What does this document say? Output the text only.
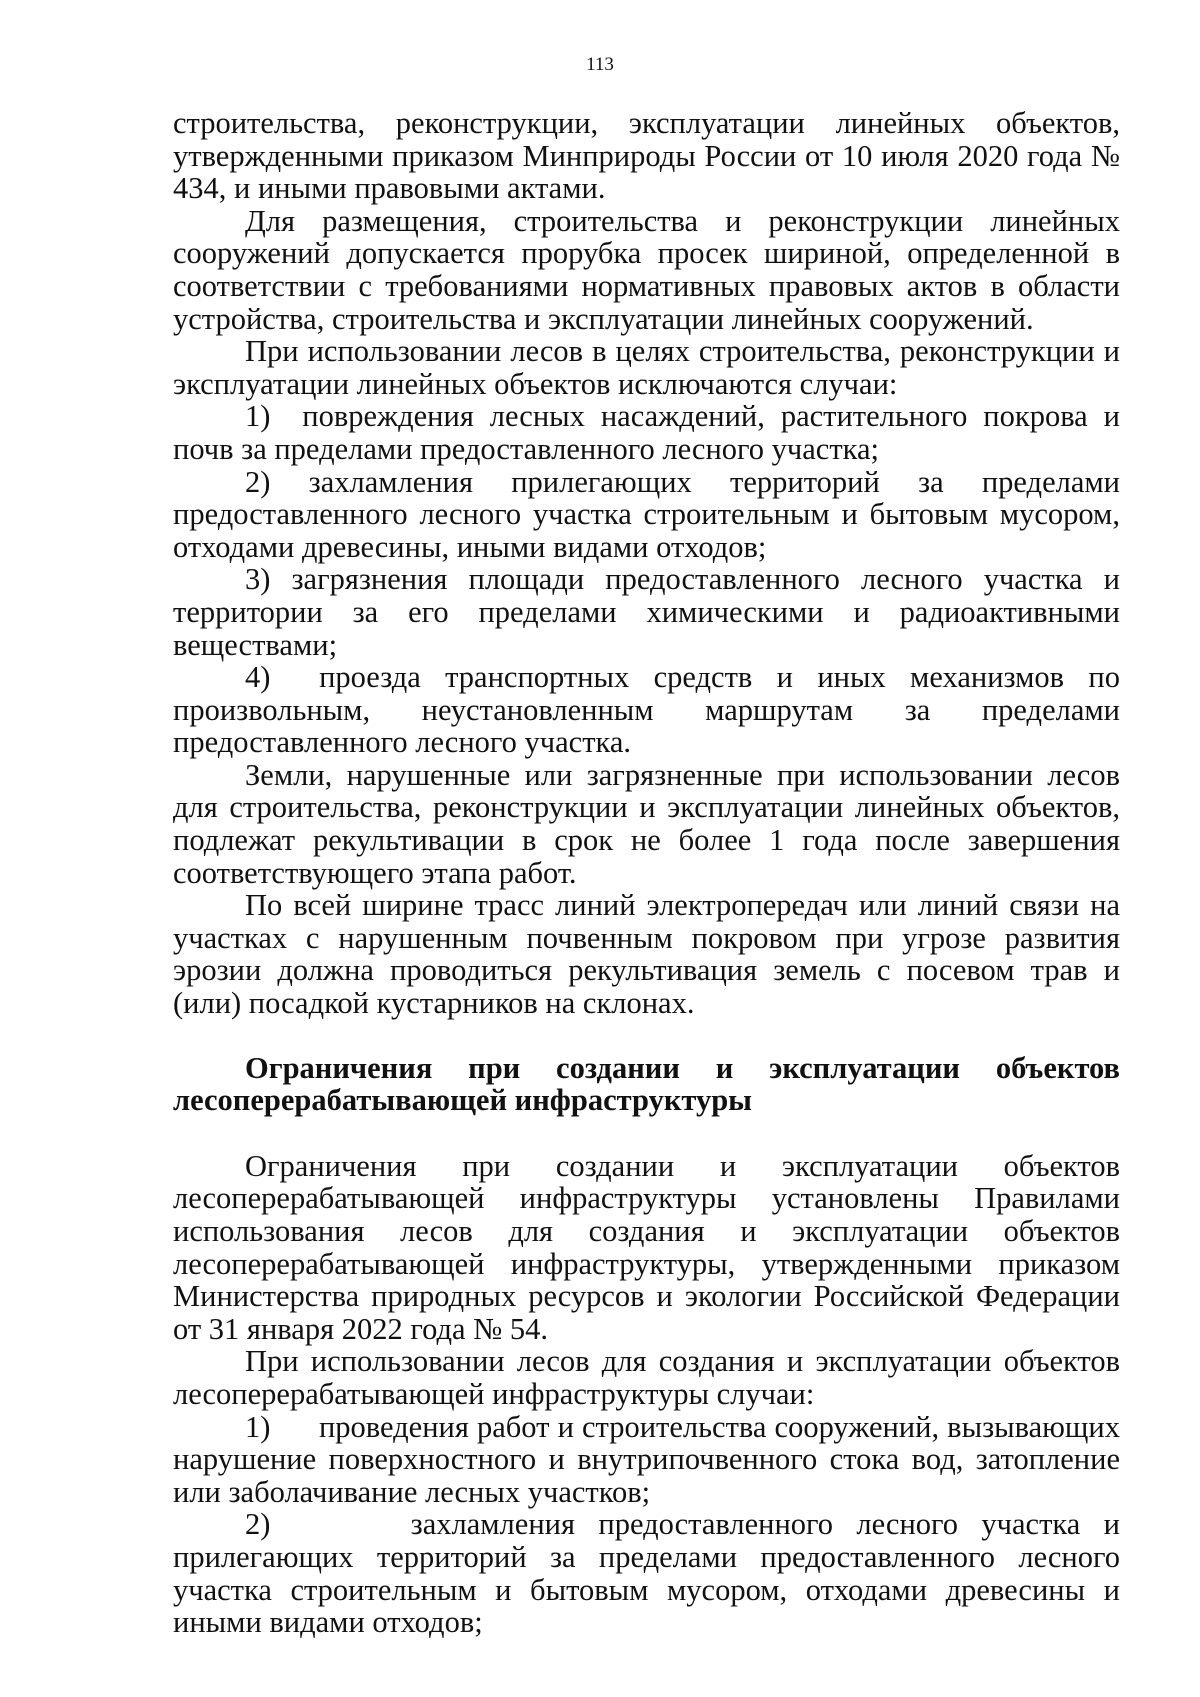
113

строительства, реконструкции, эксплуатации линейных объектов, утвержденными приказом Минприроды России от 10 июля 2020 года № 434, и иными правовыми актами.

Для размещения, строительства и реконструкции линейных сооружений допускается прорубка просек шириной, определенной в соответствии с требованиями нормативных правовых актов в области устройства, строительства и эксплуатации линейных сооружений.

При использовании лесов в целях строительства, реконструкции и эксплуатации линейных объектов исключаются случаи:

1)  повреждения лесных насаждений, растительного покрова и почв за пределами предоставленного лесного участка;

2) захламления прилегающих территорий за пределами предоставленного лесного участка строительным и бытовым мусором, отходами древесины, иными видами отходов;

3) загрязнения площади предоставленного лесного участка и территории за его пределами химическими и радиоактивными веществами;

4)  проезда транспортных средств и иных механизмов по произвольным, неустановленным маршрутам за пределами предоставленного лесного участка.

Земли, нарушенные или загрязненные при использовании лесов для строительства, реконструкции и эксплуатации линейных объектов, подлежат рекультивации в срок не более 1 года после завершения соответствующего этапа работ.

По всей ширине трасс линий электропередач или линий связи на участках с нарушенным почвенным покровом при угрозе развития эрозии должна проводиться рекультивация земель с посевом трав и (или) посадкой кустарников на склонах.

Ограничения при создании и эксплуатации объектов лесоперерабатывающей инфраструктуры

Ограничения при создании и эксплуатации объектов лесоперерабатывающей инфраструктуры установлены Правилами использования лесов для создания и эксплуатации объектов лесоперерабатывающей инфраструктуры, утвержденными приказом Министерства природных ресурсов и экологии Российской Федерации от 31 января 2022 года № 54.

При использовании лесов для создания и эксплуатации объектов лесоперерабатывающей инфраструктуры случаи:

1)      проведения работ и строительства сооружений, вызывающих нарушение поверхностного и внутрипочвенного стока вод, затопление или заболачивание лесных участков;

2)      захламления предоставленного лесного участка и прилегающих территорий за пределами предоставленного лесного участка строительным и бытовым мусором, отходами древесины и иными видами отходов;
